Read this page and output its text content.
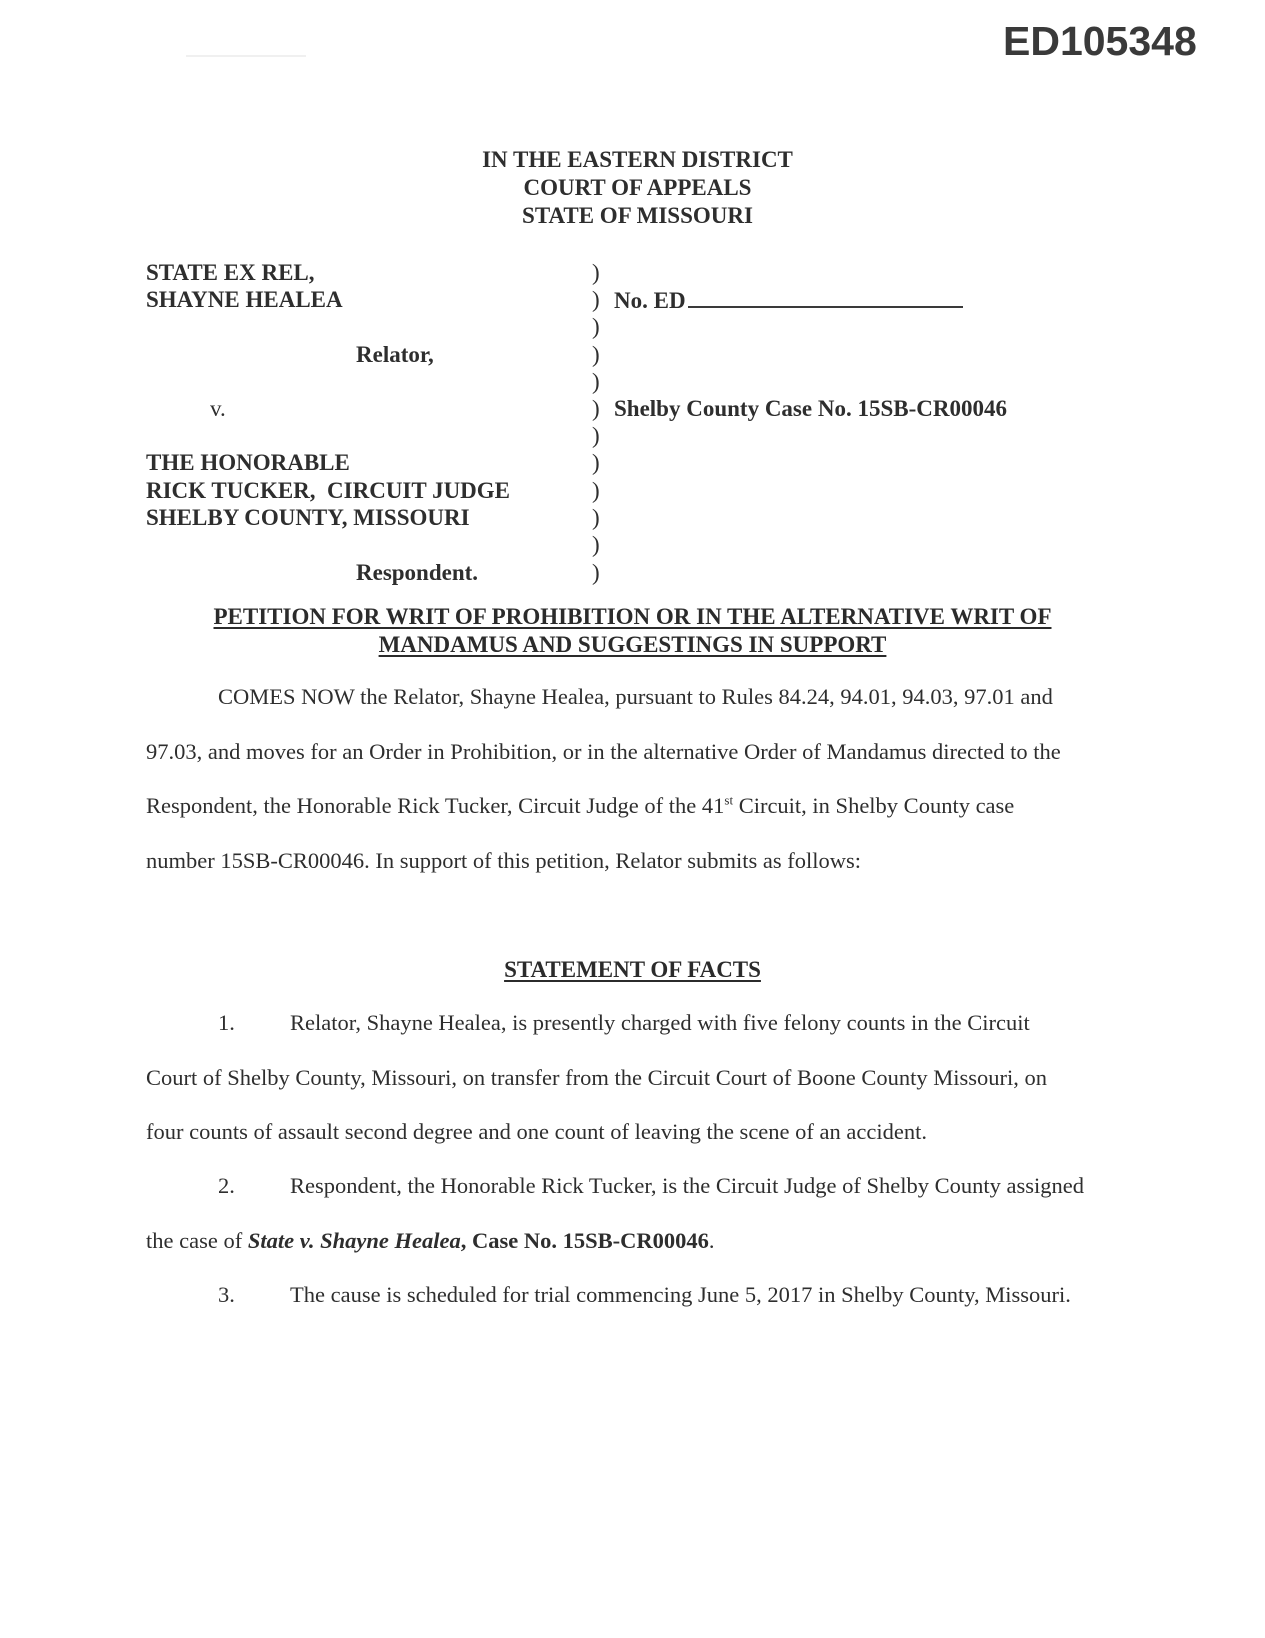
ED105348
IN THE EASTERN DISTRICT
COURT OF APPEALS
STATE OF MISSOURI
STATE EX REL,	)
SHAYNE HEALEA	) No. ED
)
Relator,	)
)
v.	) Shelby County Case No. 15SB-CR00046
)
THE HONORABLE	)
RICK TUCKER,  CIRCUIT JUDGE	)
SHELBY COUNTY, MISSOURI	)
)
Respondent.	)
PETITION FOR WRIT OF PROHIBITION OR IN THE ALTERNATIVE WRIT OF
MANDAMUS AND SUGGESTINGS IN SUPPORT
COMES NOW the Relator, Shayne Healea, pursuant to Rules 84.24, 94.01, 94.03, 97.01 and 97.03, and moves for an Order in Prohibition, or in the alternative Order of Mandamus directed to the Respondent, the Honorable Rick Tucker, Circuit Judge of the 41st Circuit, in Shelby County case number 15SB-CR00046. In support of this petition, Relator submits as follows:
STATEMENT OF FACTS
1. Relator, Shayne Healea, is presently charged with five felony counts in the Circuit Court of Shelby County, Missouri, on transfer from the Circuit Court of Boone County Missouri, on four counts of assault second degree and one count of leaving the scene of an accident.
2. Respondent, the Honorable Rick Tucker, is the Circuit Judge of Shelby County assigned the case of State v. Shayne Healea, Case No. 15SB-CR00046.
3. The cause is scheduled for trial commencing June 5, 2017 in Shelby County, Missouri.
